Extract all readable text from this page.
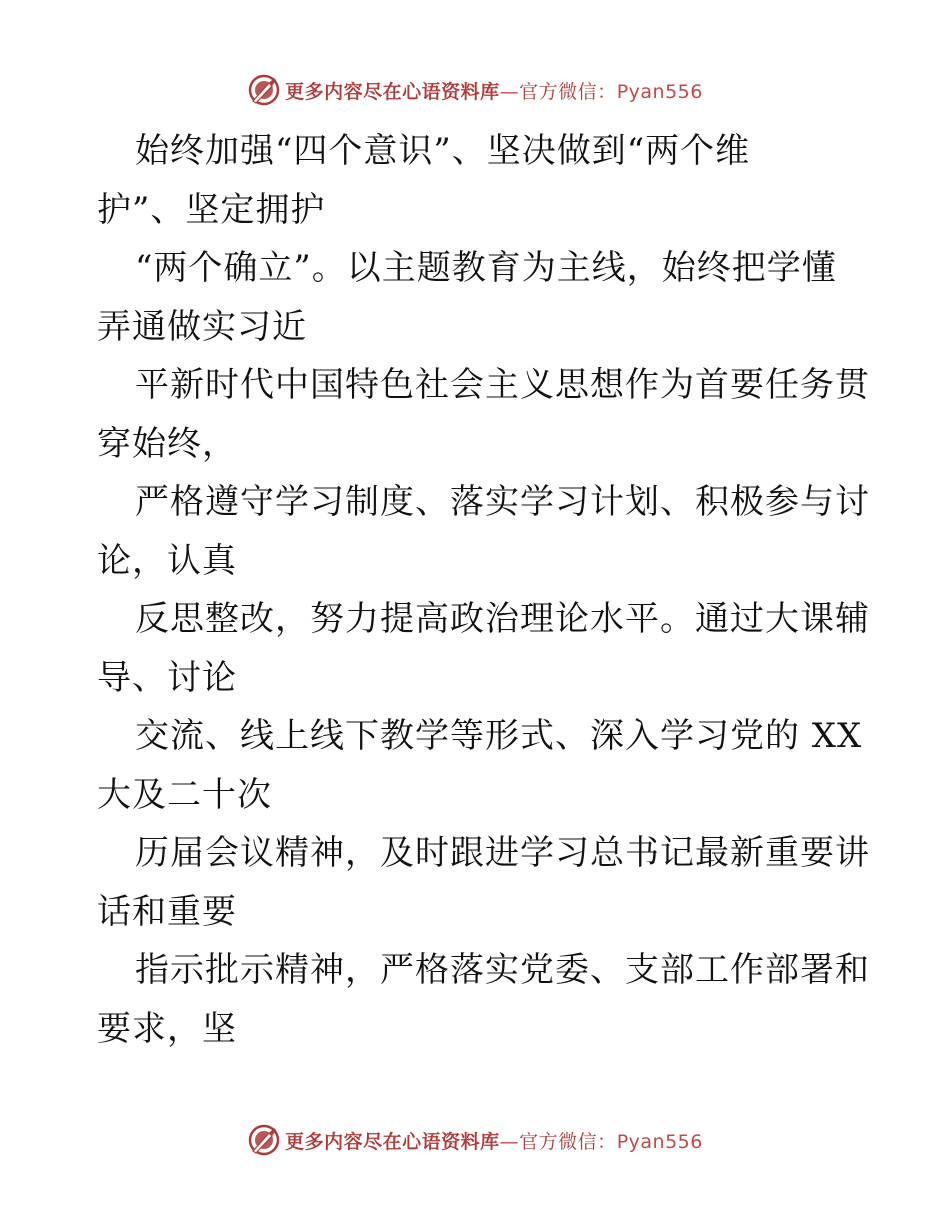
更多内容尽在心语资料库—官方微信：Pyan556
始终加强“四个意识”、坚决做到“两个维
护”、坚定拥护
“两个确立”。以主题教育为主线，始终把学懂
弄通做实习近
平新时代中国特色社会主义思想作为首要任务贯
穿始终，
严格遵守学习制度、落实学习计划、积极参与讨
论，认真
反思整改，努力提高政治理论水平。通过大课辅
导、讨论
交流、线上线下教学等形式、深入学习党的 XX
大及二十次
历届会议精神，及时跟进学习总书记最新重要讲
话和重要
指示批示精神，严格落实党委、支部工作部署和
要求，坚
更多内容尽在心语资料库—官方微信：Pyan556
